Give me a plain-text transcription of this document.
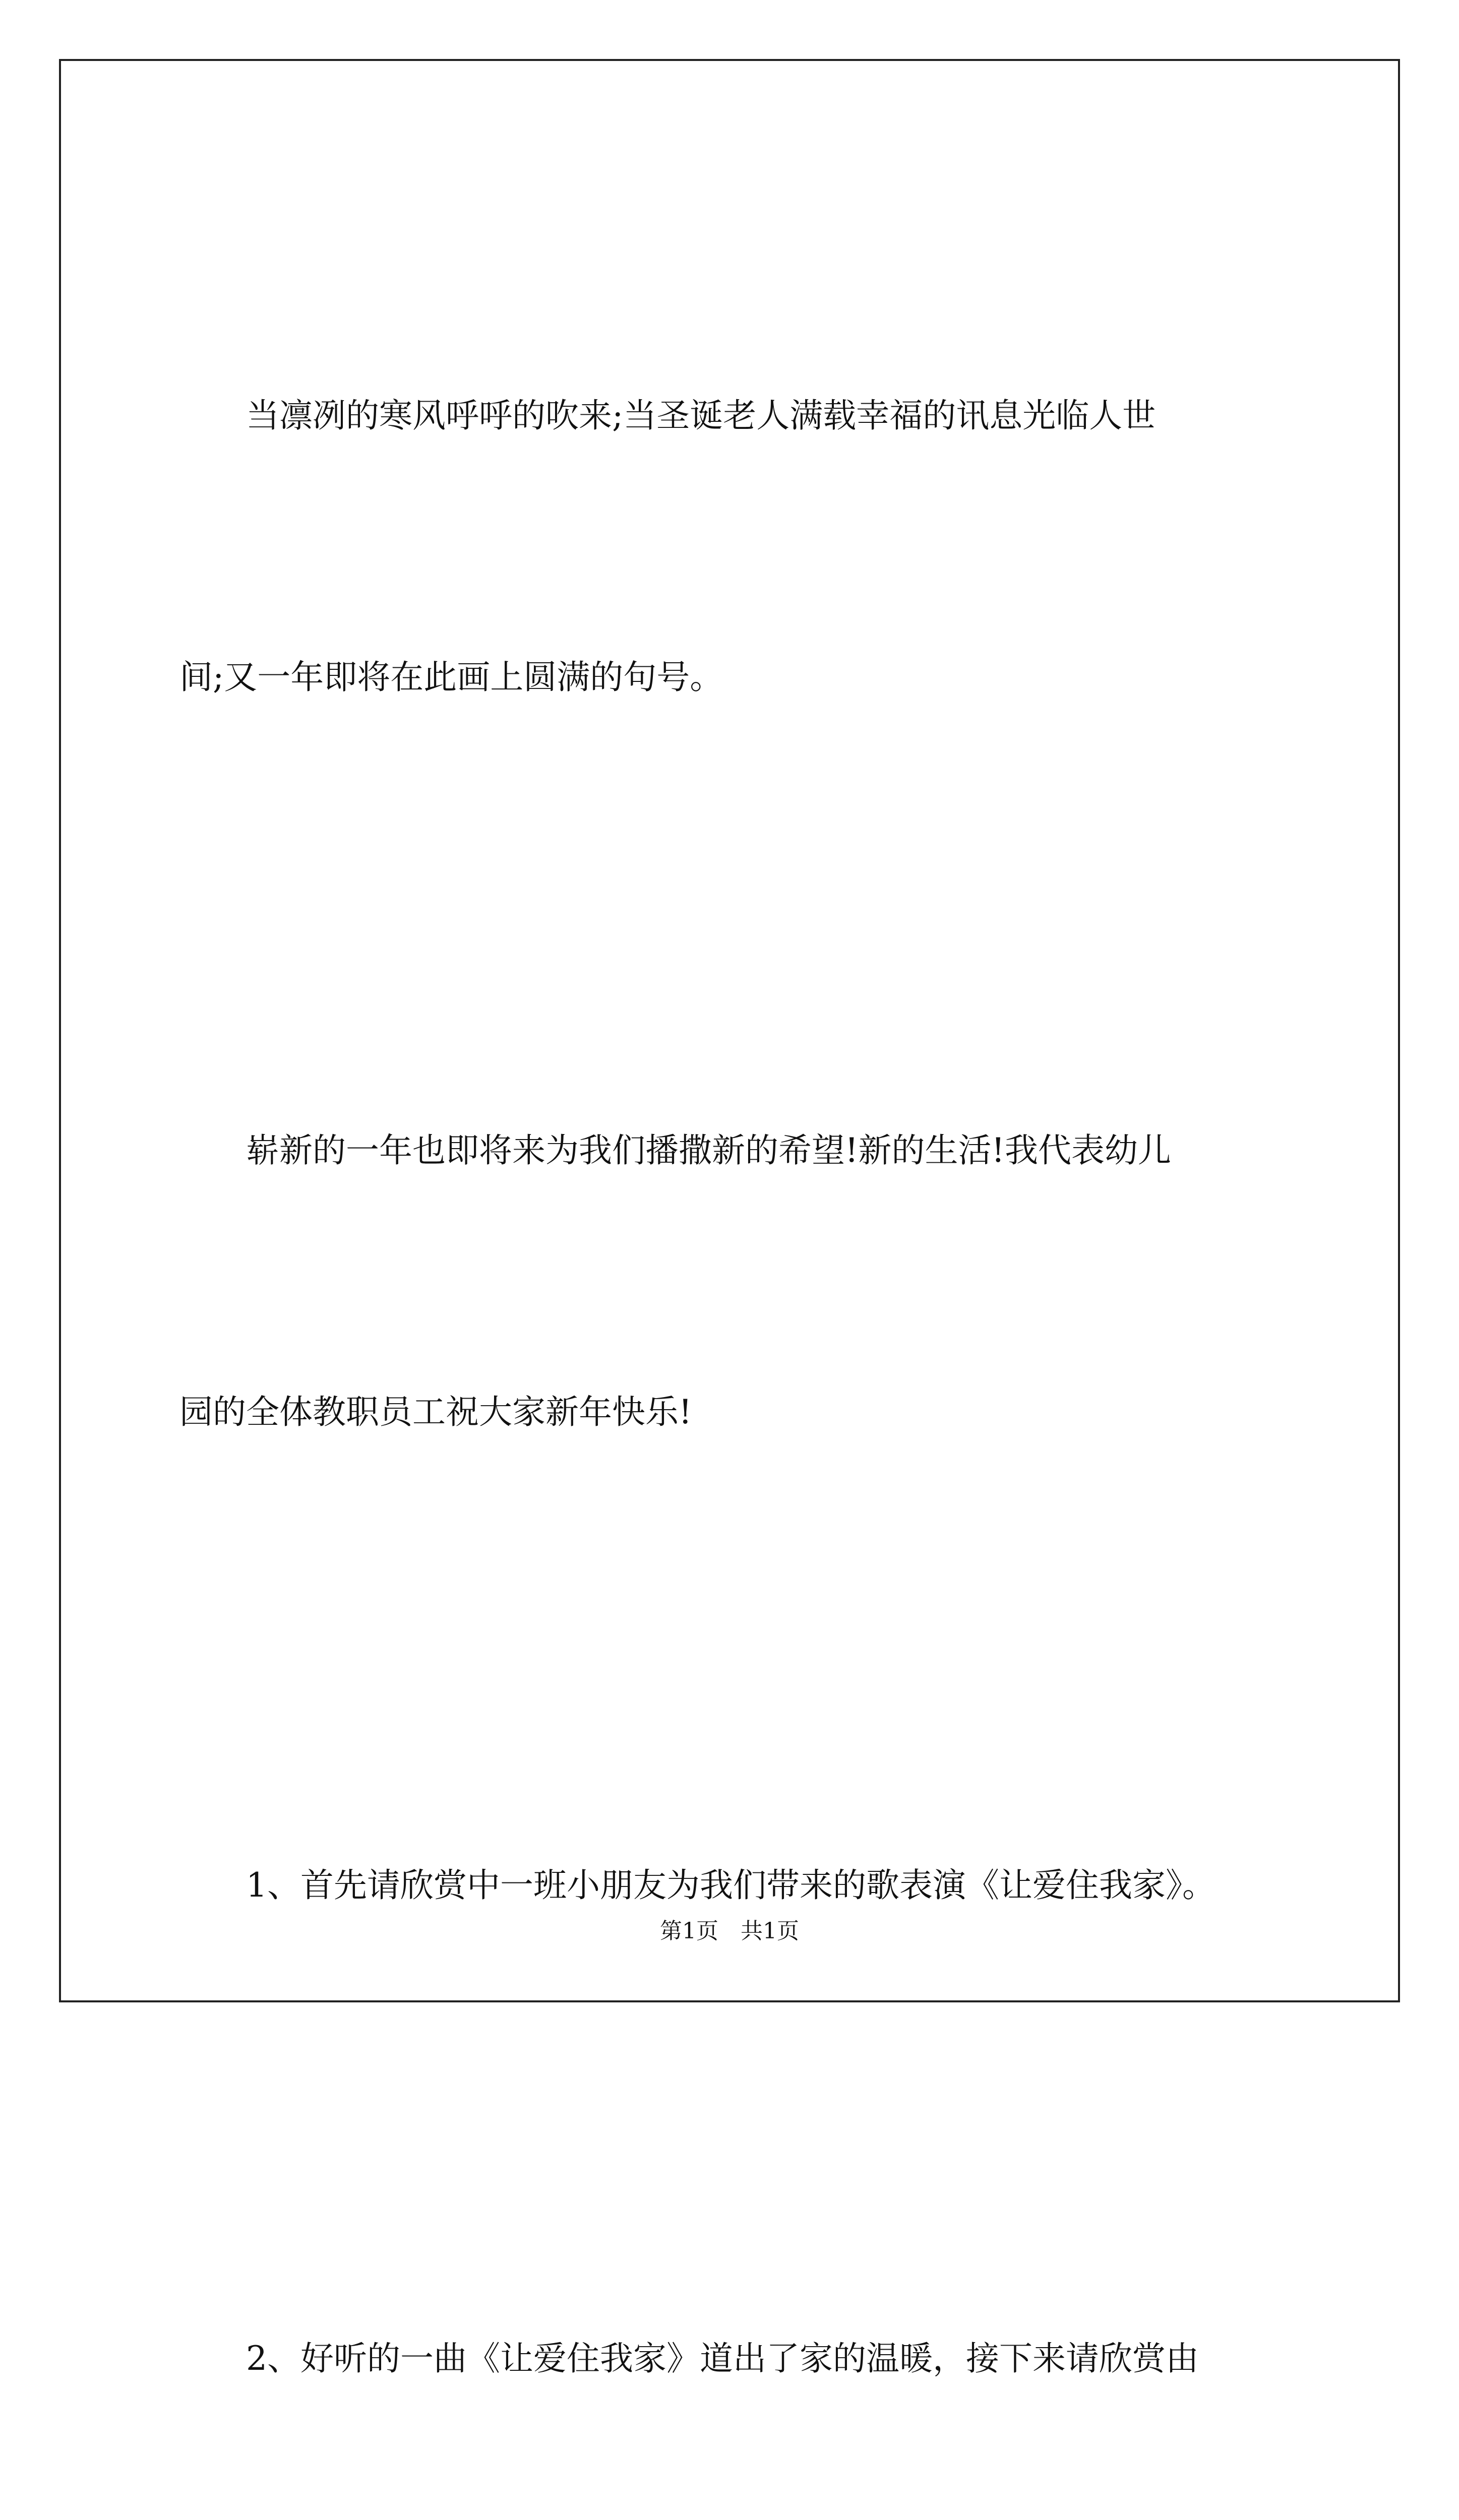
当凛冽的寒风呼呼的吹来;当圣诞老人满载幸福的讯息光临人世

间;又一年即将在此画上圆满的句号。

崭新的一年也即将来为我们播撒新的希望!新的生活!我代表幼儿

园的全体教职员工祝大家新年快乐!

1、首先请欣赏中一班小朋友为我们带来的歌表演《让爱住我家》。

2、好听的一曲《让爱住我家》道出了家的温暖，接下来请欣赏由

第1页　共1页
